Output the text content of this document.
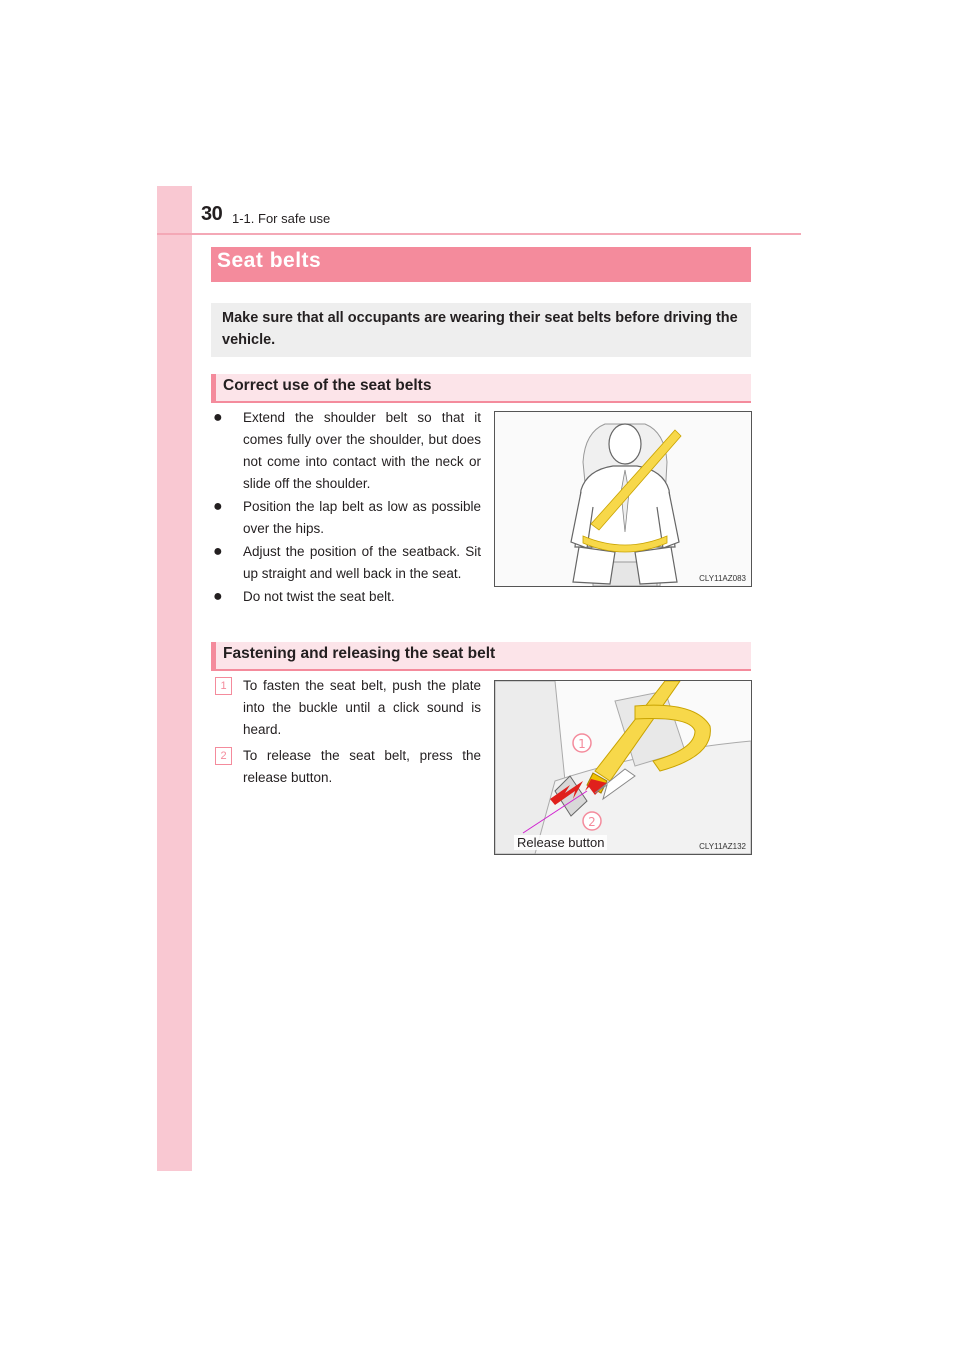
30 1-1. For safe use
Seat belts
Make sure that all occupants are wearing their seat belts before driving the vehicle.
Correct use of the seat belts
● Extend the shoulder belt so that it comes fully over the shoulder, but does not come into contact with the neck or slide off the shoulder.
● Position the lap belt as low as possible over the hips.
● Adjust the position of the seatback. Sit up straight and well back in the seat.
● Do not twist the seat belt.
CLY11AZ083
Fastening and releasing the seat belt
1	To fasten the seat belt, push the plate into the buckle until a click sound is heard.
2	To release the seat belt, press the release button.
1
2
Release button	CLY11AZ132
